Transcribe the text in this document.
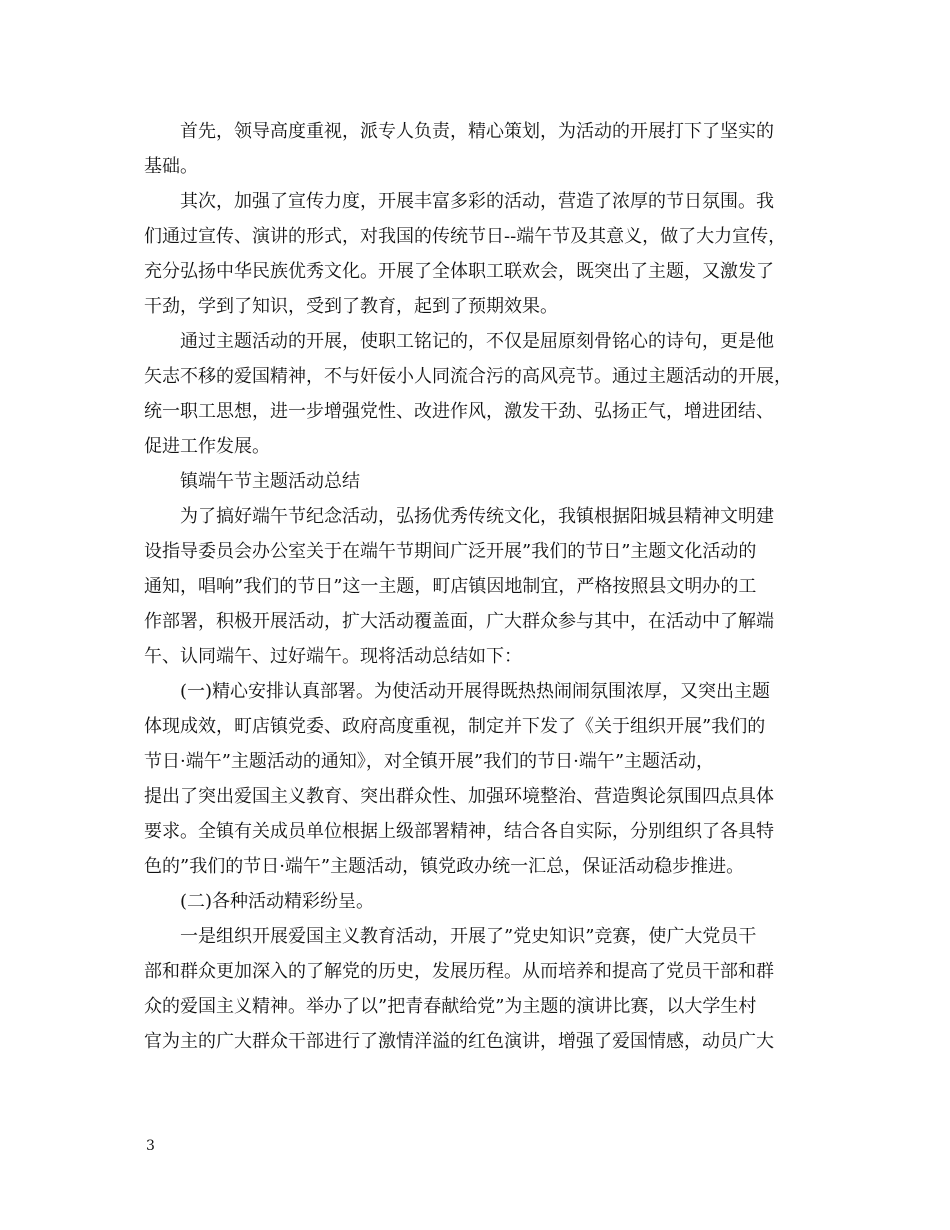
首先，领导高度重视，派专人负责，精心策划，为活动的开展打下了坚实的
基础。

其次，加强了宣传力度，开展丰富多彩的活动，营造了浓厚的节日氛围。我
们通过宣传、演讲的形式，对我国的传统节日--端午节及其意义，做了大力宣传，
充分弘扬中华民族优秀文化。开展了全体职工联欢会，既突出了主题，又激发了
干劲，学到了知识，受到了教育，起到了预期效果。

通过主题活动的开展，使职工铭记的，不仅是屈原刻骨铭心的诗句，更是他
矢志不移的爱国精神，不与奸佞小人同流合污的高风亮节。通过主题活动的开展，
统一职工思想，进一步增强党性、改进作风，激发干劲、弘扬正气，增进团结、
促进工作发展。

镇端午节主题活动总结

为了搞好端午节纪念活动，弘扬优秀传统文化，我镇根据阳城县精神文明建
设指导委员会办公室关于在端午节期间广泛开展”我们的节日”主题文化活动的
通知，唱响”我们的节日”这一主题，町店镇因地制宜，严格按照县文明办的工
作部署，积极开展活动，扩大活动覆盖面，广大群众参与其中，在活动中了解端
午、认同端午、过好端午。现将活动总结如下：

(一)精心安排认真部署。为使活动开展得既热热闹闹氛围浓厚，又突出主题
体现成效，町店镇党委、政府高度重视，制定并下发了《关于组织开展”我们的
节日·端午”主题活动的通知》，对全镇开展”我们的节日·端午”主题活动，
提出了突出爱国主义教育、突出群众性、加强环境整治、营造舆论氛围四点具体
要求。全镇有关成员单位根据上级部署精神，结合各自实际，分别组织了各具特
色的”我们的节日·端午”主题活动，镇党政办统一汇总，保证活动稳步推进。

(二)各种活动精彩纷呈。

一是组织开展爱国主义教育活动，开展了”党史知识”竞赛，使广大党员干
部和群众更加深入的了解党的历史，发展历程。从而培养和提高了党员干部和群
众的爱国主义精神。举办了以”把青春献给党”为主题的演讲比赛，以大学生村
官为主的广大群众干部进行了激情洋溢的红色演讲，增强了爱国情感，动员广大

3
